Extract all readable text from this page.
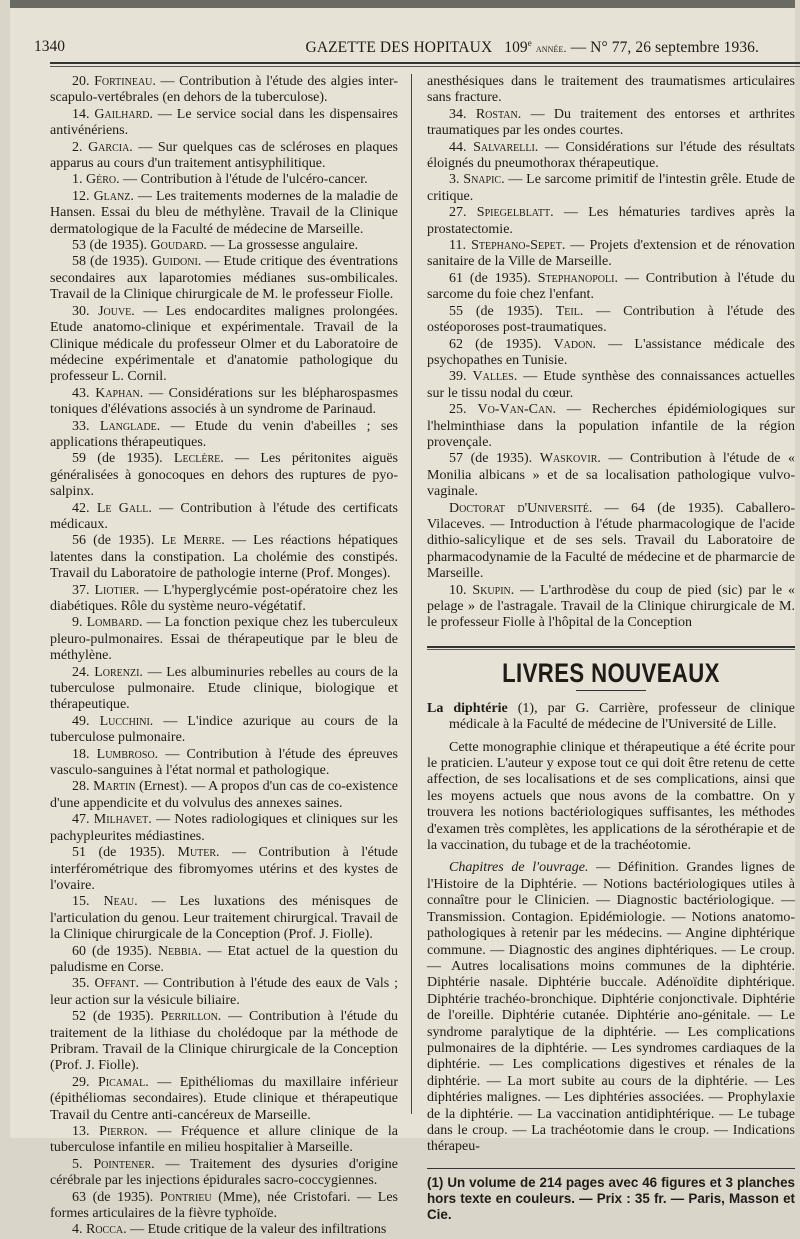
1340	GAZETTE DES HOPITAUX 109e année. — N° 77, 26 septembre 1936.

20. Fortineau. — Contribution à l'étude des algies inter-scapulo-vertébrales (en dehors de la tuberculose).

14. Gailhard. — Le service social dans les dispensaires antivénériens.

2. Garcia. — Sur quelques cas de scléroses en plaques apparus au cours d'un traitement antisyphilitique.

1. Géro. — Contribution à l'étude de l'ulcéro-cancer.

12. Glanz. — Les traitements modernes de la maladie de Hansen. Essai du bleu de méthylène. Travail de la Clinique dermatologique de la Faculté de médecine de Marseille.

53 (de 1935). Goudard. — La grossesse angulaire.

58 (de 1935). Guidoni. — Etude critique des éventrations secondaires aux laparotomies médianes sus-ombilicales. Travail de la Clinique chirurgicale de M. le professeur Fiolle.

30. Jouve. — Les endocardites malignes prolongées. Etude anatomo-clinique et expérimentale. Travail de la Clinique médicale du professeur Olmer et du Laboratoire de médecine expérimentale et d'anatomie pathologique du professeur L. Cornil.

43. Kaphan. — Considérations sur les blépharospasmes toniques d'élévations associés à un syndrome de Parinaud.

33. Langlade. — Etude du venin d'abeilles ; ses applications thérapeutiques.

59 (de 1935). Leclère. — Les péritonites aiguës généralisées à gonocoques en dehors des ruptures de pyo-salpinx.

42. Le Gall. — Contribution à l'étude des certificats médicaux.

56 (de 1935). Le Merre. — Les réactions hépatiques latentes dans la constipation. La cholémie des constipés. Travail du Laboratoire de pathologie interne (Prof. Monges).

37. Liotier. — L'hyperglycémie post-opératoire chez les diabétiques. Rôle du système neuro-végétatif.

9. Lombard. — La fonction pexique chez les tuberculeux pleuro-pulmonaires. Essai de thérapeutique par le bleu de méthylène.

24. Lorenzi. — Les albuminuries rebelles au cours de la tuberculose pulmonaire. Etude clinique, biologique et thérapeutique.

49. Lucchini. — L'indice azurique au cours de la tuberculose pulmonaire.

18. Lumbroso. — Contribution à l'étude des épreuves vasculo-sanguines à l'état normal et pathologique.

28. Martin (Ernest). — A propos d'un cas de co-existence d'une appendicite et du volvulus des annexes saines.

47. Milhavet. — Notes radiologiques et cliniques sur les pachypleurites médiastines.

51 (de 1935). Muter. — Contribution à l'étude interférométrique des fibromyomes utérins et des kystes de l'ovaire.

15. Neau. — Les luxations des ménisques de l'articulation du genou. Leur traitement chirurgical. Travail de la Clinique chirurgicale de la Conception (Prof. J. Fiolle).

60 (de 1935). Nebbia. — Etat actuel de la question du paludisme en Corse.

35. Offant. — Contribution à l'étude des eaux de Vals ; leur action sur la vésicule biliaire.

52 (de 1935). Perrillon. — Contribution à l'étude du traitement de la lithiase du cholédoque par la méthode de Pribram. Travail de la Clinique chirurgicale de la Conception (Prof. J. Fiolle).

29. Picamal. — Epithéliomas du maxillaire inférieur (épithéliomas secondaires). Etude clinique et thérapeutique Travail du Centre anti-cancéreux de Marseille.

13. Pierron. — Fréquence et allure clinique de la tuberculose infantile en milieu hospitalier à Marseille.

5. Pointener. — Traitement des dysuries d'origine cérébrale par les injections épidurales sacro-coccygiennes.

63 (de 1935). Pontrieu (Mme), née Cristofari. — Les formes articulaires de la fièvre typhoïde.

4. Rocca. — Etude critique de la valeur des infiltrations

anesthésiques dans le traitement des traumatismes articulaires sans fracture.

34. Rostan. — Du traitement des entorses et arthrites traumatiques par les ondes courtes.

44. Salvarelli. — Considérations sur l'étude des résultats éloignés du pneumothorax thérapeutique.

3. Snapic. — Le sarcome primitif de l'intestin grêle. Etude de critique.

27. Spiegelblatt. — Les hématuries tardives après la prostatectomie.

11. Stephano-Sepet. — Projets d'extension et de rénovation sanitaire de la Ville de Marseille.

61 (de 1935). Stephanopoli. — Contribution à l'étude du sarcome du foie chez l'enfant.

55 (de 1935). Teil. — Contribution à l'étude des ostéoporoses post-traumatiques.

62 (de 1935). Vadon. — L'assistance médicale des psychopathes en Tunisie.

39. Valles. — Etude synthèse des connaissances actuelles sur le tissu nodal du cœur.

25. Vo-Van-Can. — Recherches épidémiologiques sur l'helminthiase dans la population infantile de la région provençale.

57 (de 1935). Waskovir. — Contribution à l'étude de « Monilia albicans » et de sa localisation pathologique vulvo-vaginale.

Doctorat d'Université. — 64 (de 1935). Caballero-Vilaceves. — Introduction à l'étude pharmacologique de l'acide dithio-salicylique et de ses sels. Travail du Laboratoire de pharmacodynamie de la Faculté de médecine et de pharmarcie de Marseille.

10. Skupin. — L'arthrodèse du coup de pied (sic) par le « pelage » de l'astragale. Travail de la Clinique chirurgicale de M. le professeur Fiolle à l'hôpital de la Conception

LIVRES NOUVEAUX

La diphtérie (1), par G. Carrière, professeur de clinique médicale à la Faculté de médecine de l'Université de Lille.

Cette monographie clinique et thérapeutique a été écrite pour le praticien. L'auteur y expose tout ce qui doit être retenu de cette affection, de ses localisations et de ses complications, ainsi que les moyens actuels que nous avons de la combattre. On y trouvera les notions bactériologiques suffisantes, les méthodes d'examen très complètes, les applications de la sérothérapie et de la vaccination, du tubage et de la trachéotomie.

Chapitres de l'ouvrage. — Définition. Grandes lignes de l'Histoire de la Diphtérie. — Notions bactériologiques utiles à connaître pour le Clinicien. — Diagnostic bactériologique. — Transmission. Contagion. Epidémiologie. — Notions anatomo-pathologiques à retenir par les médecins. — Angine diphtérique commune. — Diagnostic des angines diphtériques. — Le croup. — Autres localisations moins communes de la diphtérie. Diphtérie nasale. Diphtérie buccale. Adénoïdite diphtérique. Diphtérie trachéo-bronchique. Diphtérie conjonctivale. Diphtérie de l'oreille. Diphtérie cutanée. Diphtérie ano-génitale. — Le syndrome paralytique de la diphtérie. — Les complications pulmonaires de la diphtérie. — Les syndromes cardiaques de la diphtérie. — Les complications digestives et rénales de la diphtérie. — La mort subite au cours de la diphtérie. — Les diphtéries malignes. — Les diphtéries associées. — Prophylaxie de la diphtérie. — La vaccination antidiphtérique. — Le tubage dans le croup. — La trachéotomie dans le croup. — Indications thérapeu-

(1) Un volume de 214 pages avec 46 figures et 3 planches hors texte en couleurs. — Prix : 35 fr. — Paris, Masson et Cie.
